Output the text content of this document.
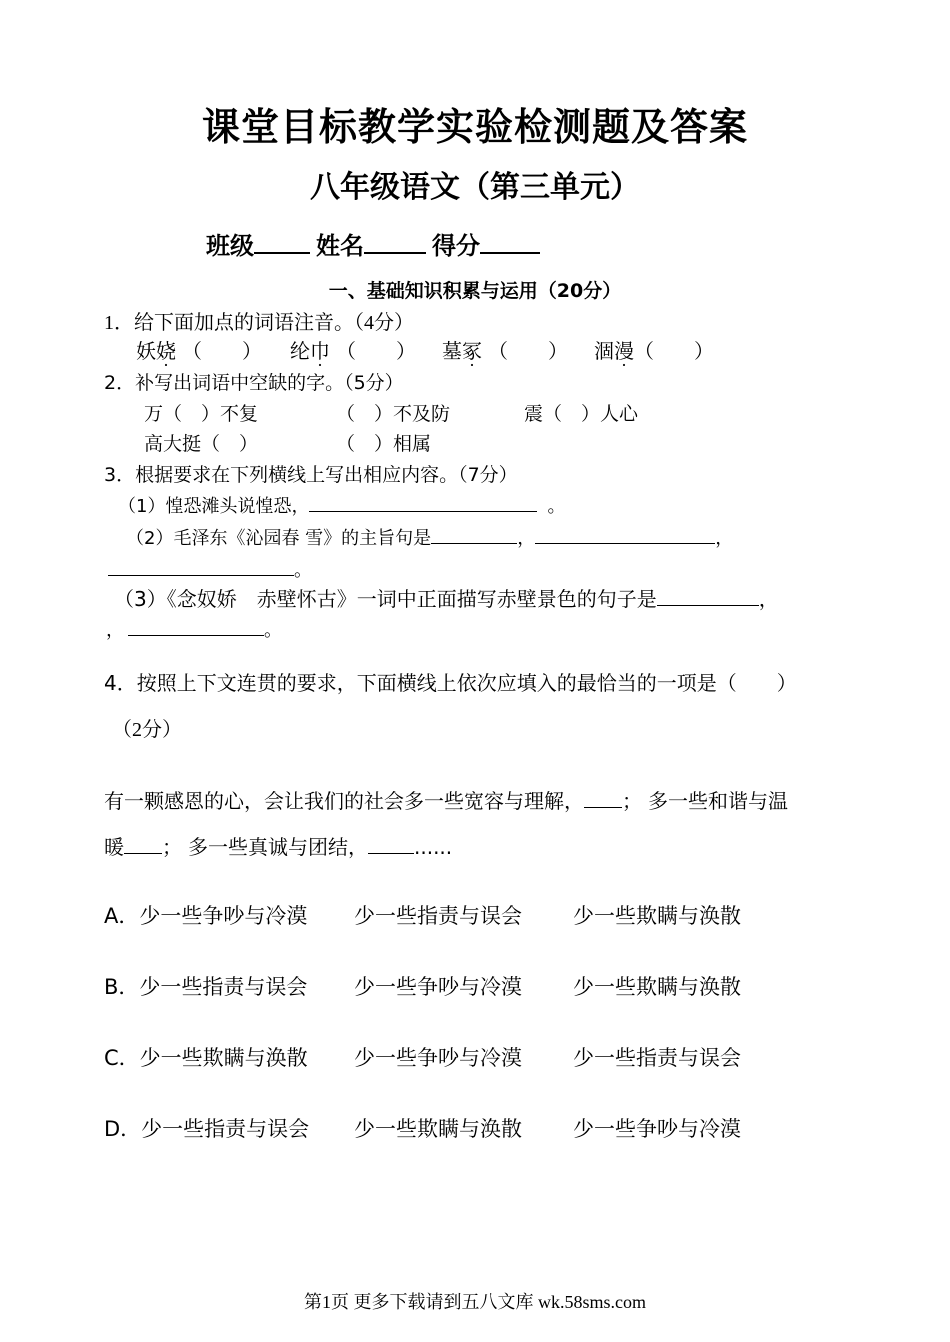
课堂目标教学实验检测题及答案
八年级语文（第三单元）
班级	姓名	得分
一、基础知识积累与运用（20分）
1．给下面加点的词语注音。（4分）
妖娆 （　　） 纶巾 （　　） 墓冢 （　　） 涸漫（　　）
2．补写出词语中空缺的字。（5分）
万（　）不复	（　）不及防	震（　）人心
高大挺（　）	（　）相属
3．根据要求在下列横线上写出相应内容。（7分）
（1）惶恐滩头说惶恐，	。
（2）毛泽东《沁园春 雪》的主旨句是	，	，
。
（3）《念奴娇　赤壁怀古》一词中正面描写赤壁景色的句子是	，
，	。
4．按照上下文连贯的要求，下面横线上依次应填入的最恰当的一项是（　　）
（2分）
有一颗感恩的心，会让我们的社会多一些宽容与理解， ； 多一些和谐与温
暖 ； 多一些真诚与团结， ......
A．少一些争吵与冷漠 少一些指责与误会 少一些欺瞒与涣散
B．少一些指责与误会 少一些争吵与冷漠 少一些欺瞒与涣散
C．少一些欺瞒与涣散 少一些争吵与冷漠 少一些指责与误会
D．少一些指责与误会 少一些欺瞒与涣散 少一些争吵与冷漠
第1页 更多下载请到五八文库 wk.58sms.com
